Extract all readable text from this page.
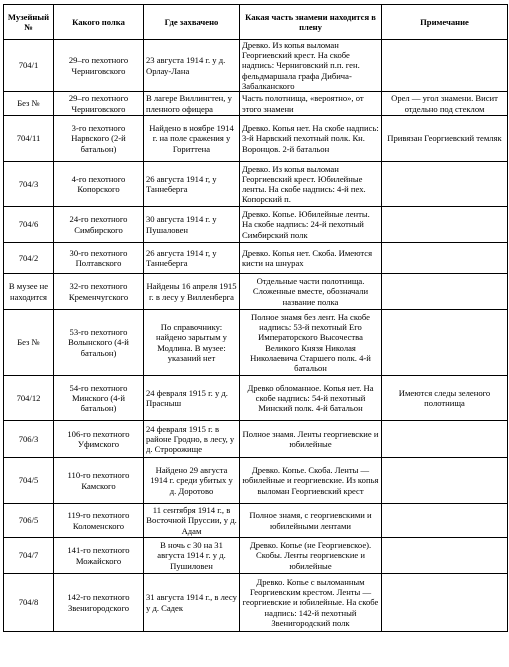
Музейный №	Какого полка	Где захвачено	Какая часть знамени находится в плену	Примечание
704/1	29–го пехотного Черниговского	23 августа 1914 г. у д. Орлау-Лана	Древко. Из копья выломан Георгиевский крест. На скобе надпись: Черниговский п.п. ген. фельдмаршала графа Дибича-Забалканского	
Без №	29–го пехотного Черниговского	В лагере Виллингтен, у пленного офицера	Часть полотнища, «вероятно», от этого знамени	Орел — угол знамени. Висит отдельно под стеклом
704/11	3-го пехотного Нарвского (2-й батальон)	Найдено в ноябре 1914 г. на поле сражения у Гориттена	Древко. Копья нет. На скобе надпись: 3-й Нарвский пехотный полк. Кн. Воронцов. 2-й батальон	Привязан Георгиевский темляк
704/3	4-го пехотного Копорского	26 августа 1914 г, у Таннеберга	Древко. Из копья выломан Георгиевский крест. Юбилейные ленты. На скобе надпись: 4-й пех. Копорский п.	
704/6	24-го пехотного Симбирского	30 августа 1914 г. у Пушаловен	Древко. Копье. Юбилейные ленты. На скобе надпись: 24-й пехотный Симбирский полк	
704/2	30-го пехотного Полтавского	26 августа 1914 г, у Таннеберга	Древко. Копья нет. Скоба. Имеются кисти на шнурах	
В музее не находится	32-го пехотного Кременчугского	Найдены 16 апреля 1915 г. в лесу у Вилленберга	Отдельные части полотнища. Сложенные вместе, обозначали название полка	
Без №	53-го пехотного Волынского (4-й батальон)	По справочнику: найдено зарытым у Модлина. В музее: указаний нет	Полное знамя без лент. На скобе надпись: 53-й пехотный Его Императорского Высочества Великого Князя Николая Николаевича Старшего полк. 4-й батальон	
704/12	54-го пехотного Минского (4-й батальон)	24 февраля 1915 г. у д. Прасныш	Древко обломанное. Копья нет. На скобе надпись: 54-й пехотный Минский полк. 4-й батальон	Имеются следы зеленого полотнища
706/3	106-го пехотного Уфимского	24 февраля 1915 г. в районе Гродно, в лесу, у д. Стророжище	Полное знамя. Ленты георгиевские и юбилейные	
704/5	110-го пехотного Камского	Найдено 29 августа 1914 г. среди убитых у д. Доротово	Древко. Копье. Скоба. Ленты — юбилейные и георгиевские. Из копья выломан Георгиевский крест	
706/5	119-го пехотного Коломенского	11 сентября 1914 г., в Восточной Пруссии, у д. Адам	Полное знамя, с георгиевскими и юбилейными лентами	
704/7	141-го пехотного Можайского	В ночь с 30 на 31 августа 1914 г. у д. Пушиловен	Древко. Копье (не Георгиевское). Скобы. Ленты георгиевские и юбилейные	
704/8	142-го пехотного Звенигородского	31 августа 1914 г., в лесу у д. Садек	Древко. Копье с выломанным Георгиевским крестом. Ленты — георгиевские и юбилейные. На скобе надпись: 142-й пехотный Звенигородский полк	
